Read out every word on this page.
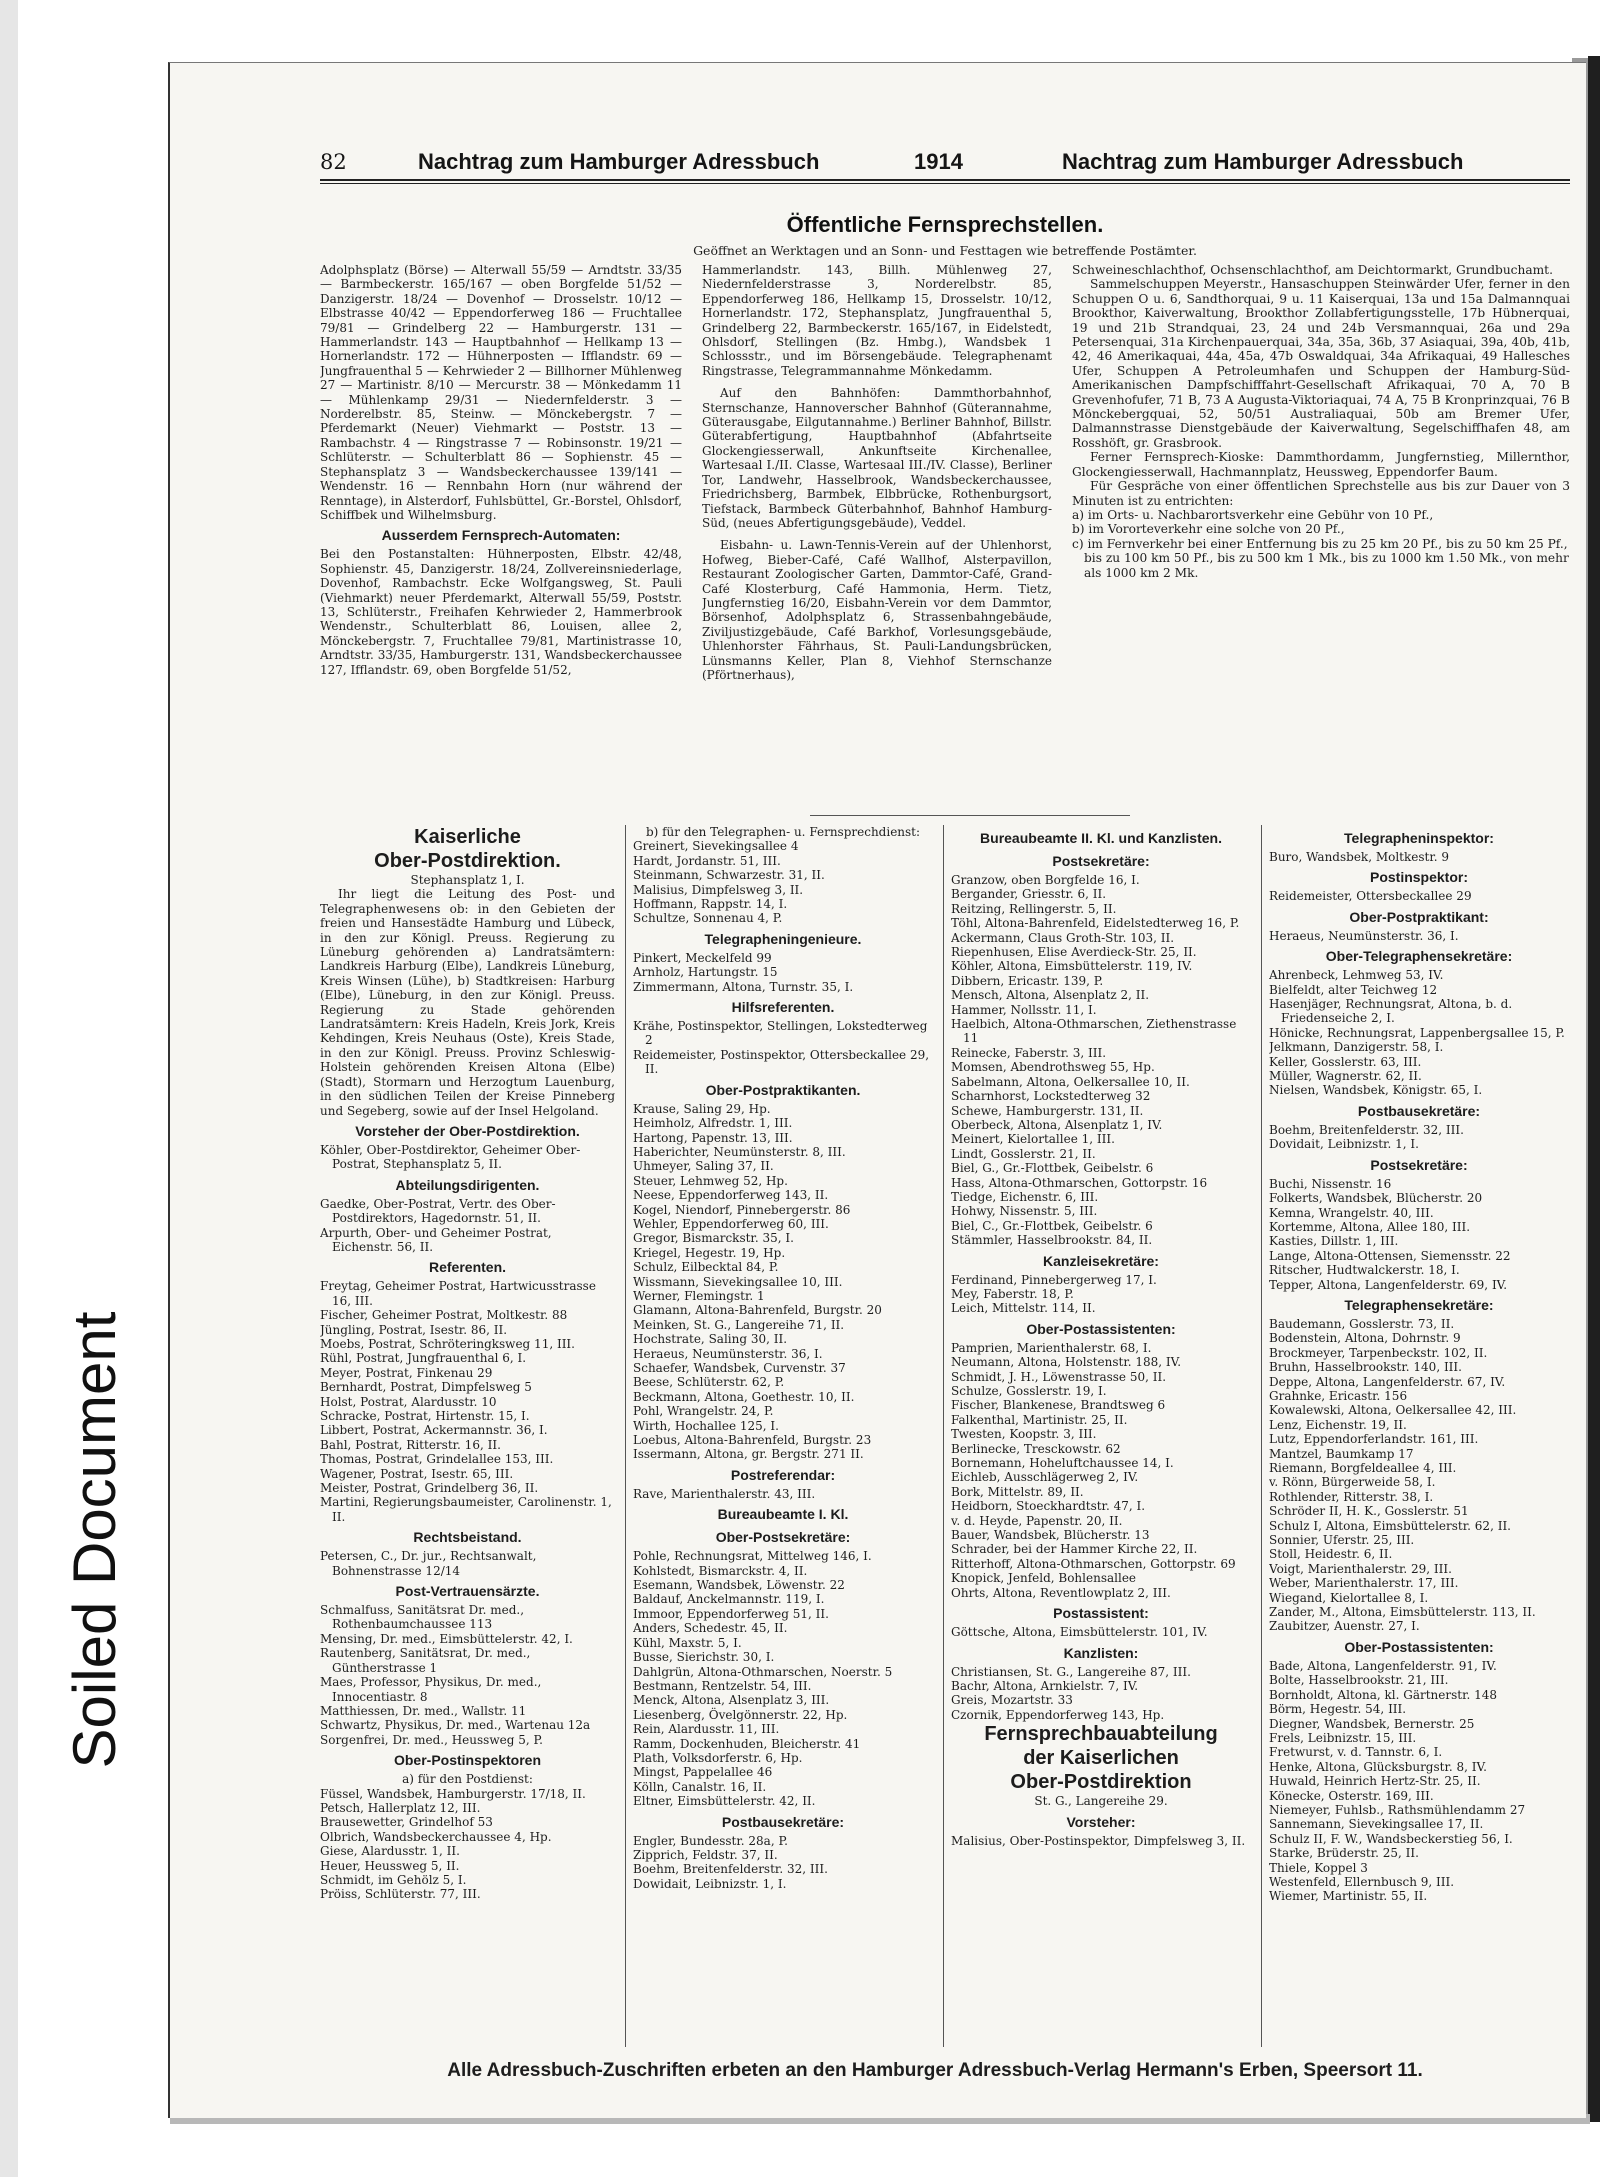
Soiled Document
82	Nachtrag zum Hamburger Adressbuch	1914	Nachtrag zum Hamburger Adressbuch
Öffentliche Fernsprechstellen.
Geöffnet an Werktagen und an Sonn- und Festtagen wie betreffende Postämter.

Adolphsplatz (Börse) — Alterwall 55/59 — Arndtstr. 33/35 — Barmbeckerstr. 165/167 — oben Borgfelde 51/52 — Danzigerstr. 18/24 — Dovenhof — Drosselstr. 10/12 — Elbstrasse 40/42 — Eppendorferweg 186 — Fruchtallee 79/81 — Grindelberg 22 — Hamburgerstr. 131 — Hammerlandstr. 143 — Hauptbahnhof — Hellkamp 13 — Hornerlandstr. 172 — Hühnerposten — Ifflandstr. 69 — Jungfrauenthal 5 — Kehrwieder 2 — Billhorner Mühlenweg 27 — Martinistr. 8/10 — Mercurstr. 38 — Mönkedamm 11 — Mühlenkamp 29/31 — Niedernfelderstr. 3 — Norderelbstr. 85, Steinw. — Mönckebergstr. 7 — Pferdemarkt (Neuer) Viehmarkt — Poststr. 13 — Rambachstr. 4 — Ringstrasse 7 — Robinsonstr. 19/21 — Schlüterstr. — Schulterblatt 86 — Sophienstr. 45 — Stephansplatz 3 — Wandsbeckerchaussee 139/141 — Wendenstr. 16 — Rennbahn Horn (nur während der Renntage), in Alsterdorf, Fuhlsbüttel, Gr.-Borstel, Ohlsdorf, Schiffbek und Wilhelmsburg.

Ausserdem Fernsprech-Automaten:

Bei den Postanstalten: Hühnerposten, Elbstr. 42/48, Sophienstr. 45, Danzigerstr. 18/24, Zollvereinsniederlage, Dovenhof, Rambachstr. Ecke Wolfgangsweg, St. Pauli (Viehmarkt) neuer Pferdemarkt, Alterwall 55/59, Poststr. 13, Schlüterstr., Freihafen Kehrwieder 2, Hammerbrook Wendenstr., Schulterblatt 86, Louisen, allee 2, Mönckebergstr. 7, Fruchtallee 79/81, Martinistrasse 10, Arndtstr. 33/35, Hamburgerstr. 131, Wandsbeckerchaussee 127, Ifflandstr. 69, oben Borgfelde 51/52,

Hammerlandstr. 143, Billh. Mühlenweg 27, Niedernfelderstrasse 3, Norderelbstr. 85, Eppendorferweg 186, Hellkamp 15, Drosselstr. 10/12, Hornerlandstr. 172, Stephansplatz, Jungfrauenthal 5, Grindelberg 22, Barmbeckerstr. 165/167, in Eidelstedt, Ohlsdorf, Stellingen (Bz. Hmbg.), Wandsbek 1 Schlossstr., und im Börsengebäude. Telegraphenamt Ringstrasse, Telegrammannahme Mönkedamm.

Auf den Bahnhöfen: Dammthorbahnhof, Sternschanze, Hannoverscher Bahnhof (Güterannahme, Güterausgabe, Eilgutannahme.) Berliner Bahnhof, Billstr. Güterabfertigung, Hauptbahnhof (Abfahrtseite Glockengiesserwall, Ankunftseite Kirchenallee, Wartesaal I./II. Classe, Wartesaal III./IV. Classe), Berliner Tor, Landwehr, Hasselbrook, Wandsbeckerchaussee, Friedrichsberg, Barmbek, Elbbrücke, Rothenburgsort, Tiefstack, Barmbeck Güterbahnhof, Bahnhof Hamburg-Süd, (neues Abfertigungsgebäude), Veddel.

Eisbahn- u. Lawn-Tennis-Verein auf der Uhlenhorst, Hofweg, Bieber-Café, Café Wallhof, Alsterpavillon, Restaurant Zoologischer Garten, Dammtor-Café, Grand-Café Klosterburg, Café Hammonia, Herm. Tietz, Jungfernstieg 16/20, Eisbahn-Verein vor dem Dammtor, Börsenhof, Adolphsplatz 6, Strassenbahngebäude, Ziviljustizgebäude, Café Barkhof, Vorlesungsgebäude, Uhlenhorster Fährhaus, St. Pauli-Landungsbrücken, Lünsmanns Keller, Plan 8, Viehhof Sternschanze (Pförtnerhaus),

Schweineschlachthof, Ochsenschlachthof, am Deichtormarkt, Grundbuchamt.

Sammelschuppen Meyerstr., Hansaschuppen Steinwärder Ufer, ferner in den Schuppen O u. 6, Sandthorquai, 9 u. 11 Kaiserquai, 13a und 15a Dalmannquai Brookthor, Kaiverwaltung, Brookthor Zollabfertigungsstelle, 17b Hübnerquai, 19 und 21b Strandquai, 23, 24 und 24b Versmannquai, 26a und 29a Petersenquai, 31a Kirchenpauerquai, 34a, 35a, 36b, 37 Asiaquai, 39a, 40b, 41b, 42, 46 Amerikaquai, 44a, 45a, 47b Oswaldquai, 34a Afrikaquai, 49 Hallesches Ufer, Schuppen A Petroleumhafen und Schuppen der Hamburg-Süd-Amerikanischen Dampfschifffahrt-Gesellschaft Afrikaquai, 70 A, 70 B Grevenhofufer, 71 B, 73 A Augusta-Viktoriaquai, 74 A, 75 B Kronprinzquai, 76 B Mönckebergquai, 52, 50/51 Australiaquai, 50b am Bremer Ufer, Dalmannstrasse Dienstgebäude der Kaiverwaltung, Segelschiffhafen 48, am Rosshöft, gr. Grasbrook.

Ferner Fernsprech-Kioske: Dammthordamm, Jungfernstieg, Millernthor, Glockengiesserwall, Hachmannplatz, Heussweg, Eppendorfer Baum.

Für Gespräche von einer öffentlichen Sprechstelle aus bis zur Dauer von 3 Minuten ist zu entrichten:

a) im Orts- u. Nachbarortsverkehr eine Gebühr von 10 Pf.,

b) im Vororteverkehr eine solche von 20 Pf.,

c) im Fernverkehr bei einer Entfernung bis zu 25 km 20 Pf., bis zu 50 km 25 Pf., bis zu 100 km 50 Pf., bis zu 500 km 1 Mk., bis zu 1000 km 1.50 Mk., von mehr als 1000 km 2 Mk.

Kaiserliche
Ober-Postdirektion.
Stephansplatz 1, I.

Ihr liegt die Leitung des Post- und Telegraphenwesens ob: in den Gebieten der freien und Hansestädte Hamburg und Lübeck, in den zur Königl. Preuss. Regierung zu Lüneburg gehörenden a) Landratsämtern: Landkreis Harburg (Elbe), Landkreis Lüneburg, Kreis Winsen (Lühe), b) Stadtkreisen: Harburg (Elbe), Lüneburg, in den zur Königl. Preuss. Regierung zu Stade gehörenden Landratsämtern: Kreis Hadeln, Kreis Jork, Kreis Kehdingen, Kreis Neuhaus (Oste), Kreis Stade, in den zur Königl. Preuss. Provinz Schleswig-Holstein gehörenden Kreisen Altona (Elbe) (Stadt), Stormarn und Herzogtum Lauenburg, in den südlichen Teilen der Kreise Pinneberg und Segeberg, sowie auf der Insel Helgoland.

Vorsteher der Ober-Postdirektion.

Köhler, Ober-Postdirektor, Geheimer Ober-Postrat, Stephansplatz 5, II.

Abteilungsdirigenten.

Gaedke, Ober-Postrat, Vertr. des Ober-Postdirektors, Hagedornstr. 51, II.

Arpurth, Ober- und Geheimer Postrat, Eichenstr. 56, II.

Referenten.

Freytag, Geheimer Postrat, Hartwicusstrasse 16, III.

Fischer, Geheimer Postrat, Moltkestr. 88

Jüngling, Postrat, Isestr. 86, II.

Moebs, Postrat, Schröteringksweg 11, III.

Rühl, Postrat, Jungfrauenthal 6, I.

Meyer, Postrat, Finkenau 29

Bernhardt, Postrat, Dimpfelsweg 5

Holst, Postrat, Alardusstr. 10

Schracke, Postrat, Hirtenstr. 15, I.

Libbert, Postrat, Ackermannstr. 36, I.

Bahl, Postrat, Ritterstr. 16, II.

Thomas, Postrat, Grindelallee 153, III.

Wagener, Postrat, Isestr. 65, III.

Meister, Postrat, Grindelberg 36, II.

Martini, Regierungsbaumeister, Carolinenstr. 1, II.

Rechtsbeistand.

Petersen, C., Dr. jur., Rechtsanwalt, Bohnenstrasse 12/14

Post-Vertrauensärzte.

Schmalfuss, Sanitätsrat Dr. med., Rothenbaumchaussee 113

Mensing, Dr. med., Eimsbüttelerstr. 42, I.

Rautenberg, Sanitätsrat, Dr. med., Güntherstrasse 1

Maes, Professor, Physikus, Dr. med., Innocentiastr. 8

Matthiessen, Dr. med., Wallstr. 11

Schwartz, Physikus, Dr. med., Wartenau 12a

Sorgenfrei, Dr. med., Heussweg 5, P.

Ober-Postinspektoren
a) für den Postdienst:

Füssel, Wandsbek, Hamburgerstr. 17/18, II.

Petsch, Hallerplatz 12, III.

Brausewetter, Grindelhof 53

Olbrich, Wandsbeckerchaussee 4, Hp.

Giese, Alardusstr. 1, II.

Heuer, Heussweg 5, II.

Schmidt, im Gehölz 5, I.

Pröiss, Schlüterstr. 77, III.

b) für den Telegraphen- u. Fernsprechdienst:

Greinert, Sievekingsallee 4

Hardt, Jordanstr. 51, III.

Steinmann, Schwarzestr. 31, II.

Malisius, Dimpfelsweg 3, II.

Hoffmann, Rappstr. 14, I.

Schultze, Sonnenau 4, P.

Telegrapheningenieure.

Pinkert, Meckelfeld 99

Arnholz, Hartungstr. 15

Zimmermann, Altona, Turnstr. 35, I.

Hilfsreferenten.

Krähe, Postinspektor, Stellingen, Lokstedterweg 2

Reidemeister, Postinspektor, Ottersbeckallee 29, II.

Ober-Postpraktikanten.

Krause, Saling 29, Hp.

Heimholz, Alfredstr. 1, III.

Hartong, Papenstr. 13, III.

Haberichter, Neumünsterstr. 8, III.

Uhmeyer, Saling 37, II.

Steuer, Lehmweg 52, Hp.

Neese, Eppendorferweg 143, II.

Kogel, Niendorf, Pinnebergerstr. 86

Wehler, Eppendorferweg 60, III.

Gregor, Bismarckstr. 35, I.

Kriegel, Hegestr. 19, Hp.

Schulz, Eilbecktal 84, P.

Wissmann, Sievekingsallee 10, III.

Werner, Flemingstr. 1

Glamann, Altona-Bahrenfeld, Burgstr. 20

Meinken, St. G., Langereihe 71, II.

Hochstrate, Saling 30, II.

Heraeus, Neumünsterstr. 36, I.

Schaefer, Wandsbek, Curvenstr. 37

Beese, Schlüterstr. 62, P.

Beckmann, Altona, Goethestr. 10, II.

Pohl, Wrangelstr. 24, P.

Wirth, Hochallee 125, I.

Loebus, Altona-Bahrenfeld, Burgstr. 23

Issermann, Altona, gr. Bergstr. 271 II.

Postreferendar:

Rave, Marienthalerstr. 43, III.

Bureaubeamte I. Kl.
Ober-Postsekretäre:

Pohle, Rechnungsrat, Mittelweg 146, I.

Kohlstedt, Bismarckstr. 4, II.

Esemann, Wandsbek, Löwenstr. 22

Baldauf, Anckelmannstr. 119, I.

Immoor, Eppendorferweg 51, II.

Anders, Schedestr. 45, II.

Kühl, Maxstr. 5, I.

Busse, Sierichstr. 30, I.

Dahlgrün, Altona-Othmarschen, Noerstr. 5

Bestmann, Rentzelstr. 54, III.

Menck, Altona, Alsenplatz 3, III.

Liesenberg, Övelgönnerstr. 22, Hp.

Rein, Alardusstr. 11, III.

Ramm, Dockenhuden, Bleicherstr. 41

Plath, Volksdorferstr. 6, Hp.

Mingst, Pappelallee 46

Kölln, Canalstr. 16, II.

Eltner, Eimsbüttelerstr. 42, II.

Postbausekretäre:

Engler, Bundesstr. 28a, P.

Zipprich, Feldstr. 37, II.

Boehm, Breitenfelderstr. 32, III.

Dowidait, Leibnizstr. 1, I.

Bureaubeamte II. Kl. und Kanzlisten.
Postsekretäre:

Granzow, oben Borgfelde 16, I.

Bergander, Griesstr. 6, II.

Reitzing, Rellingerstr. 5, II.

Töhl, Altona-Bahrenfeld, Eidelstedterweg 16, P.

Ackermann, Claus Groth-Str. 103, II.

Riepenhusen, Elise Averdieck-Str. 25, II.

Köhler, Altona, Eimsbüttelerstr. 119, IV.

Dibbern, Ericastr. 139, P.

Mensch, Altona, Alsenplatz 2, II.

Hammer, Nollsstr. 11, I.

Haelbich, Altona-Othmarschen, Ziethenstrasse 11

Reinecke, Faberstr. 3, III.

Momsen, Abendrothsweg 55, Hp.

Sabelmann, Altona, Oelkersallee 10, II.

Scharnhorst, Lockstedterweg 32

Schewe, Hamburgerstr. 131, II.

Oberbeck, Altona, Alsenplatz 1, IV.

Meinert, Kielortallee 1, III.

Lindt, Gosslerstr. 21, II.

Biel, G., Gr.-Flottbek, Geibelstr. 6

Hass, Altona-Othmarschen, Gottorpstr. 16

Tiedge, Eichenstr. 6, III.

Hohwy, Nissenstr. 5, III.

Biel, C., Gr.-Flottbek, Geibelstr. 6

Stämmler, Hasselbrookstr. 84, II.

Kanzleisekretäre:

Ferdinand, Pinnebergerweg 17, I.

Mey, Faberstr. 18, P.

Leich, Mittelstr. 114, II.

Ober-Postassistenten:

Pamprien, Marienthalerstr. 68, I.

Neumann, Altona, Holstenstr. 188, IV.

Schmidt, J. H., Löwenstrasse 50, II.

Schulze, Gosslerstr. 19, I.

Fischer, Blankenese, Brandtsweg 6

Falkenthal, Martinistr. 25, II.

Twesten, Koopstr. 3, III.

Berlinecke, Tresckowstr. 62

Bornemann, Hoheluftchaussee 14, I.

Eichleb, Ausschlägerweg 2, IV.

Bork, Mittelstr. 89, II.

Heidborn, Stoeckhardtstr. 47, I.

v. d. Heyde, Papenstr. 20, II.

Bauer, Wandsbek, Blücherstr. 13

Schrader, bei der Hammer Kirche 22, II.

Ritterhoff, Altona-Othmarschen, Gottorpstr. 69

Knopick, Jenfeld, Bohlensallee

Ohrts, Altona, Reventlowplatz 2, III.

Postassistent:

Göttsche, Altona, Eimsbüttelerstr. 101, IV.

Kanzlisten:

Christiansen, St. G., Langereihe 87, III.

Bachr, Altona, Arnkielstr. 7, IV.

Greis, Mozartstr. 33

Czornik, Eppendorferweg 143, Hp.

Fernsprechbauabteilung
der Kaiserlichen
Ober-Postdirektion
St. G., Langereihe 29.
Vorsteher:

Malisius, Ober-Postinspektor, Dimpfelsweg 3, II.

Telegrapheninspektor:

Buro, Wandsbek, Moltkestr. 9

Postinspektor:

Reidemeister, Ottersbeckallee 29

Ober-Postpraktikant:

Heraeus, Neumünsterstr. 36, I.

Ober-Telegraphensekretäre:

Ahrenbeck, Lehmweg 53, IV.

Bielfeldt, alter Teichweg 12

Hasenjäger, Rechnungsrat, Altona, b. d. Friedenseiche 2, I.

Hönicke, Rechnungsrat, Lappenbergsallee 15, P.

Jelkmann, Danzigerstr. 58, I.

Keller, Gosslerstr. 63, III.

Müller, Wagnerstr. 62, II.

Nielsen, Wandsbek, Königstr. 65, I.

Postbausekretäre:

Boehm, Breitenfelderstr. 32, III.

Dovidait, Leibnizstr. 1, I.

Postsekretäre:

Buchi, Nissenstr. 16

Folkerts, Wandsbek, Blücherstr. 20

Kemna, Wrangelstr. 40, III.

Kortemme, Altona, Allee 180, III.

Kasties, Dillstr. 1, III.

Lange, Altona-Ottensen, Siemensstr. 22

Ritscher, Hudtwalckerstr. 18, I.

Tepper, Altona, Langenfelderstr. 69, IV.

Telegraphensekretäre:

Baudemann, Gosslerstr. 73, II.

Bodenstein, Altona, Dohrnstr. 9

Brockmeyer, Tarpenbeckstr. 102, II.

Bruhn, Hasselbrookstr. 140, III.

Deppe, Altona, Langenfelderstr. 67, IV.

Grahnke, Ericastr. 156

Kowalewski, Altona, Oelkersallee 42, III.

Lenz, Eichenstr. 19, II.

Lutz, Eppendorferlandstr. 161, III.

Mantzel, Baumkamp 17

Riemann, Borgfeldeallee 4, III.

v. Rönn, Bürgerweide 58, I.

Rothlender, Ritterstr. 38, I.

Schröder II, H. K., Gosslerstr. 51

Schulz I, Altona, Eimsbüttelerstr. 62, II.

Sonnier, Uferstr. 25, III.

Stoll, Heidestr. 6, II.

Voigt, Marienthalerstr. 29, III.

Weber, Marienthalerstr. 17, III.

Wiegand, Kielortallee 8, I.

Zander, M., Altona, Eimsbüttelerstr. 113, II.

Zaubitzer, Auenstr. 27, I.

Ober-Postassistenten:

Bade, Altona, Langenfelderstr. 91, IV.

Bolte, Hasselbrookstr. 21, III.

Bornholdt, Altona, kl. Gärtnerstr. 148

Börm, Hegestr. 54, III.

Diegner, Wandsbek, Bernerstr. 25

Frels, Leibnizstr. 15, III.

Fretwurst, v. d. Tannstr. 6, I.

Henke, Altona, Glücksburgstr. 8, IV.

Huwald, Heinrich Hertz-Str. 25, II.

Könecke, Osterstr. 169, III.

Niemeyer, Fuhlsb., Rathsmühlendamm 27

Sannemann, Sievekingsallee 17, II.

Schulz II, F. W., Wandsbeckerstieg 56, I.

Starke, Brüderstr. 25, II.

Thiele, Koppel 3

Westenfeld, Ellernbusch 9, III.

Wiemer, Martinistr. 55, II.

Alle Adressbuch-Zuschriften erbeten an den Hamburger Adressbuch-Verlag Hermann's Erben, Speersort 11.
